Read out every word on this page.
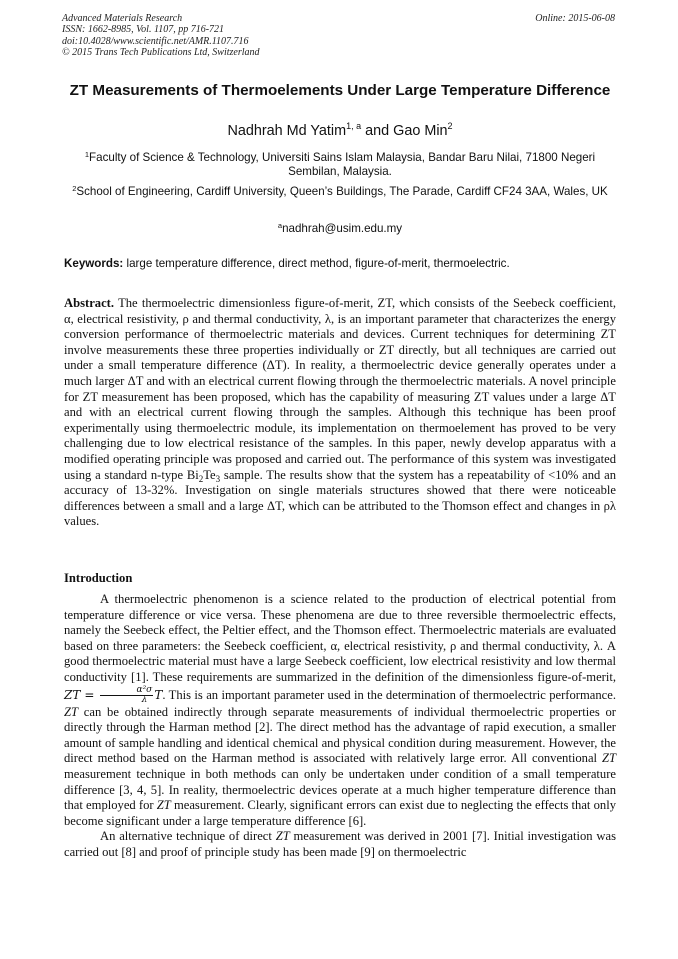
Advanced Materials Research
ISSN: 1662-8985, Vol. 1107, pp 716-721
doi:10.4028/www.scientific.net/AMR.1107.716
© 2015 Trans Tech Publications Ltd, Switzerland
Online: 2015-06-08
ZT Measurements of Thermoelements Under Large Temperature Difference
Nadhrah Md Yatim$^{1, a}$ and Gao Min$^2$
$^1$Faculty of Science & Technology, Universiti Sains Islam Malaysia, Bandar Baru Nilai, 71800 Negeri Sembilan, Malaysia.
$^2$School of Engineering, Cardiff University, Queen’s Buildings, The Parade, Cardiff CF24 3AA, Wales, UK
$^a$nadhrah@usim.edu.my
Keywords: large temperature difference, direct method, figure-of-merit, thermoelectric.
Abstract. The thermoelectric dimensionless figure-of-merit, ZT, which consists of the Seebeck coefficient, α, electrical resistivity, ρ and thermal conductivity, λ, is an important parameter that characterizes the energy conversion performance of thermoelectric materials and devices. Current techniques for determining ZT involve measurements these three properties individually or ZT directly, but all techniques are carried out under a small temperature difference (ΔT). In reality, a thermoelectric device generally operates under a much larger ΔT and with an electrical current flowing through the thermoelectric materials. A novel principle for ZT measurement has been proposed, which has the capability of measuring ZT values under a large ΔT and with an electrical current flowing through the samples. Although this technique has been proof experimentally using thermoelectric module, its implementation on thermoelement has proved to be very challenging due to low electrical resistance of the samples. In this paper, newly develop apparatus with a modified operating principle was proposed and carried out. The performance of this system was investigated using a standard n-type $Bi_2Te_3$ sample. The results show that the system has a repeatability of <10% and an accuracy of 13-32%. Investigation on single materials structures showed that there were noticeable differences between a small and a large ΔT, which can be attributed to the Thomson effect and changes in ρλ values.
Introduction

A thermoelectric phenomenon is a science related to the production of electrical potential from temperature difference or vice versa. These phenomena are due to three reversible thermoelectric effects, namely the Seebeck effect, the Peltier effect, and the Thomson effect. Thermoelectric materials are evaluated based on three parameters: the Seebeck coefficient, α, electrical resistivity, ρ and thermal conductivity, λ. A good thermoelectric material must have a large Seebeck coefficient, low electrical resistivity and low thermal conductivity [1]. These requirements are summarized in the definition of the dimensionless figure-of-merit, ZT = $\frac{\text{α²σ}}{\lambda} T$. This is an important parameter used in the determination of thermoelectric performance. ZT can be obtained indirectly through separate measurements of individual thermoelectric properties or directly through the Harman method [2]. The direct method has the advantage of rapid execution, a smaller amount of sample handling and identical chemical and physical condition during measurement. However, the direct method based on the Harman method is associated with relatively large error. All conventional ZT measurement technique in both methods can only be undertaken under condition of a small temperature difference [3, 4, 5]. In reality, thermoelectric devices operate at a much higher temperature difference than that employed for ZT measurement. Clearly, significant errors can exist due to neglecting the effects that only become significant under a large temperature difference [6].

An alternative technique of direct ZT measurement was derived in 2001 [7]. Initial investigation was carried out [8] and proof of principle study has been made [9] on thermoelectric
